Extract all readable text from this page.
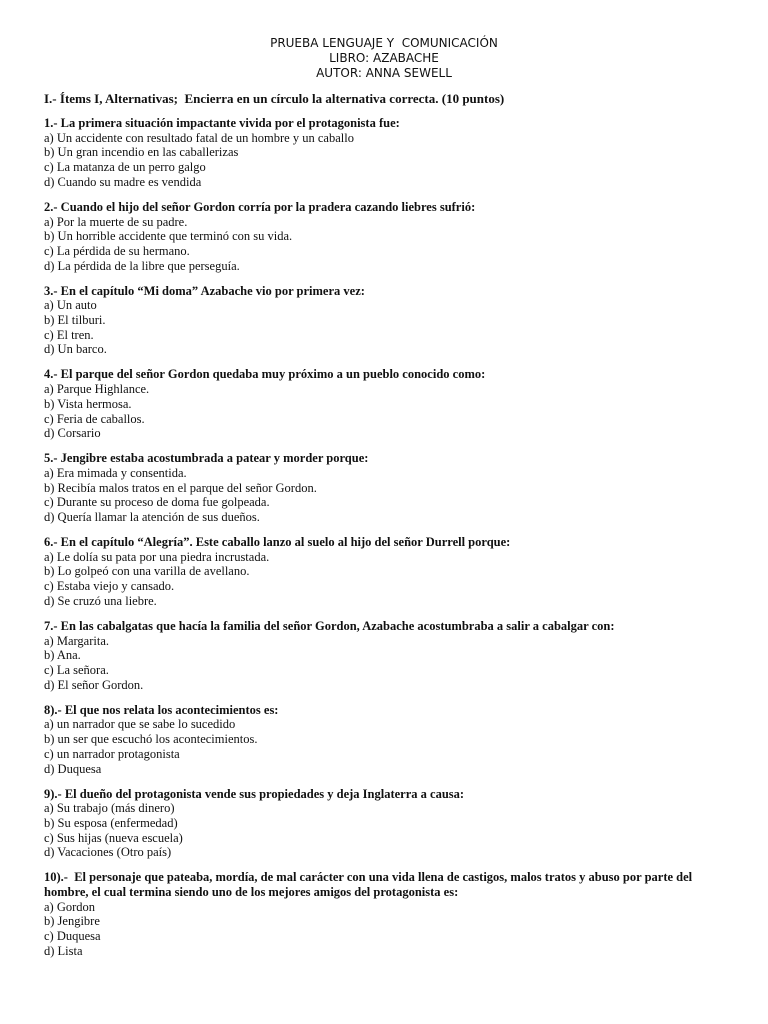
PRUEBA LENGUAJE Y  COMUNICACIÓN
LIBRO: AZABACHE
AUTOR: ANNA SEWELL
I.- Ítems I, Alternativas;  Encierra en un círculo la alternativa correcta. (10 puntos)
1.- La primera situación impactante vivida por el protagonista fue:
a) Un accidente con resultado fatal de un hombre y un caballo
b) Un gran incendio en las caballerizas
c) La matanza de un perro galgo
d) Cuando su madre es vendida
2.- Cuando el hijo del señor Gordon corría por la pradera cazando liebres sufrió:
a) Por la muerte de su padre.
b) Un horrible accidente que terminó con su vida.
c) La pérdida de su hermano.
d) La pérdida de la libre que perseguía.
3.- En el capítulo “Mi doma” Azabache vio por primera vez:
a) Un auto
b) El tilburi.
c) El tren.
d) Un barco.
4.- El parque del señor Gordon quedaba muy próximo a un pueblo conocido como:
a) Parque Highlance.
b) Vista hermosa.
c) Feria de caballos.
d) Corsario
5.- Jengibre estaba acostumbrada a patear y morder porque:
a) Era mimada y consentida.
b) Recibía malos tratos en el parque del señor Gordon.
c) Durante su proceso de doma fue golpeada.
d) Quería llamar la atención de sus dueños.
6.- En el capítulo “Alegría”. Este caballo lanzo al suelo al hijo del señor Durrell porque:
a) Le dolía su pata por una piedra incrustada.
b) Lo golpeó con una varilla de avellano.
c) Estaba viejo y cansado.
d) Se cruzó una liebre.
7.- En las cabalgatas que hacía la familia del señor Gordon, Azabache acostumbraba a salir a cabalgar con:
a) Margarita.
b) Ana.
c) La señora.
d) El señor Gordon.
8).- El que nos relata los acontecimientos es:
a) un narrador que se sabe lo sucedido
b) un ser que escuchó los acontecimientos.
c) un narrador protagonista
d) Duquesa
9).- El dueño del protagonista vende sus propiedades y deja Inglaterra a causa:
a) Su trabajo (más dinero)
b) Su esposa (enfermedad)
c) Sus hijas (nueva escuela)
d) Vacaciones (Otro país)
10).-  El personaje que pateaba, mordía, de mal carácter con una vida llena de castigos, malos tratos y abuso por parte del hombre, el cual termina siendo uno de los mejores amigos del protagonista es:
a) Gordon
b) Jengibre
c) Duquesa
d) Lista
